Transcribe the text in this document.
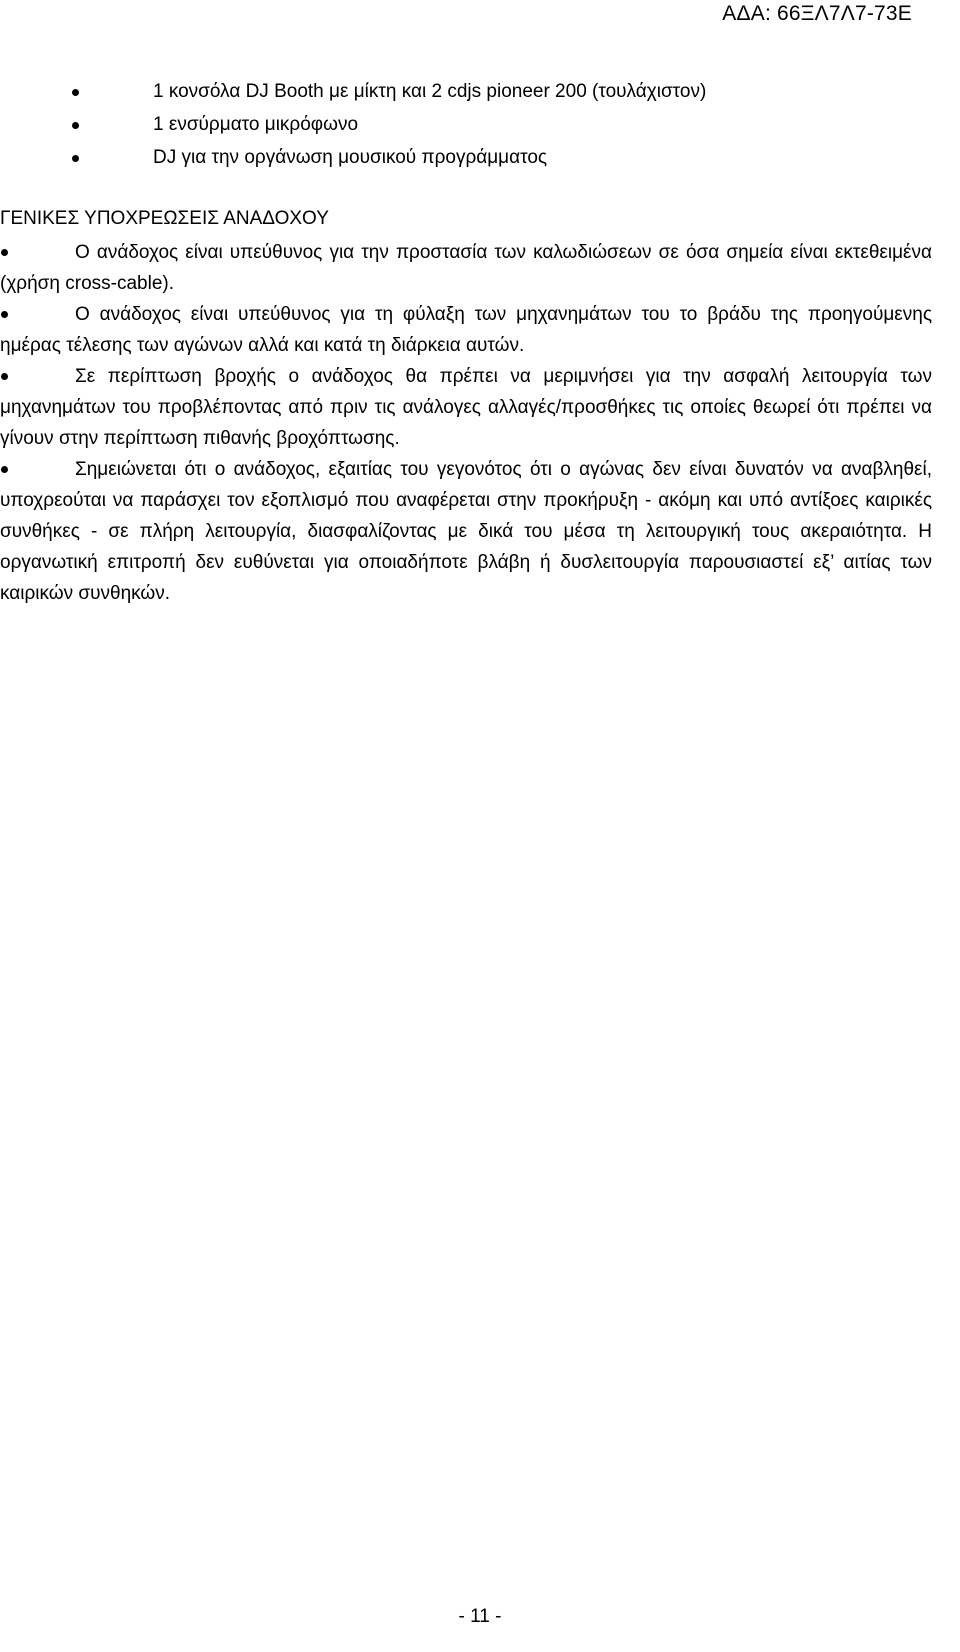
ΑΔΑ: 66ΞΛ7Λ7-73Ε
1 κονσόλα DJ Booth με μίκτη και 2 cdjs pioneer 200 (τουλάχιστον)
1 ενσύρματο μικρόφωνο
DJ για την οργάνωση μουσικού προγράμματος
ΓΕΝΙΚΕΣ ΥΠΟΧΡΕΩΣΕΙΣ ΑΝΑΔΟΧΟΥ
Ο ανάδοχος είναι υπεύθυνος για την προστασία των καλωδιώσεων σε όσα σημεία είναι εκτεθειμένα (χρήση cross-cable).
Ο ανάδοχος είναι υπεύθυνος για τη φύλαξη των μηχανημάτων του το βράδυ της προηγούμενης ημέρας τέλεσης των αγώνων αλλά και κατά τη διάρκεια αυτών.
Σε περίπτωση βροχής ο ανάδοχος θα πρέπει να μεριμνήσει για την ασφαλή λειτουργία των μηχανημάτων του προβλέποντας από πριν τις ανάλογες αλλαγές/προσθήκες τις οποίες θεωρεί ότι πρέπει να γίνουν στην περίπτωση πιθανής βροχόπτωσης.
Σημειώνεται ότι ο ανάδοχος, εξαιτίας του γεγονότος ότι ο αγώνας δεν είναι δυνατόν να αναβληθεί, υποχρεούται να παράσχει τον εξοπλισμό που αναφέρεται στην προκήρυξη - ακόμη και υπό αντίξοες καιρικές συνθήκες - σε πλήρη λειτουργία, διασφαλίζοντας με δικά του μέσα τη λειτουργική τους ακεραιότητα. Η οργανωτική επιτροπή δεν ευθύνεται για οποιαδήποτε βλάβη ή δυσλειτουργία παρουσιαστεί εξ’ αιτίας των καιρικών συνθηκών.
- 11 -
